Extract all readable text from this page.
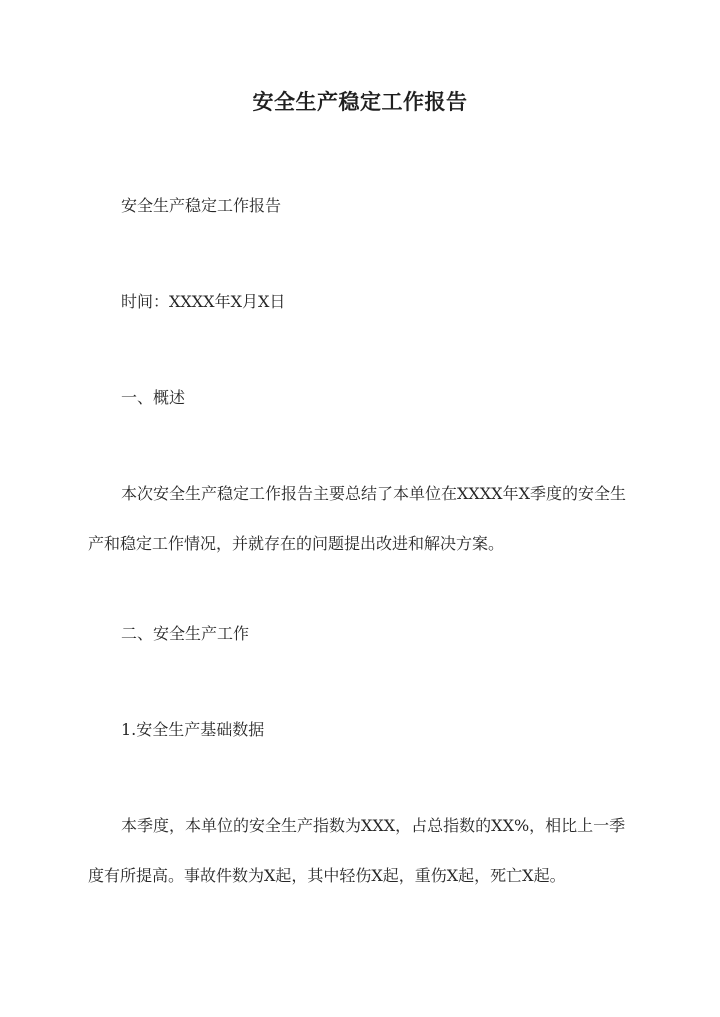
安全生产稳定工作报告

安全生产稳定工作报告

时间：XXXX年X月X日

一、概述

本次安全生产稳定工作报告主要总结了本单位在XXXX年X季度的安全生产和稳定工作情况，并就存在的问题提出改进和解决方案。

二、安全生产工作

1.安全生产基础数据

本季度，本单位的安全生产指数为XXX，占总指数的XX%，相比上一季度有所提高。事故件数为X起，其中轻伤X起，重伤X起，死亡X起。
